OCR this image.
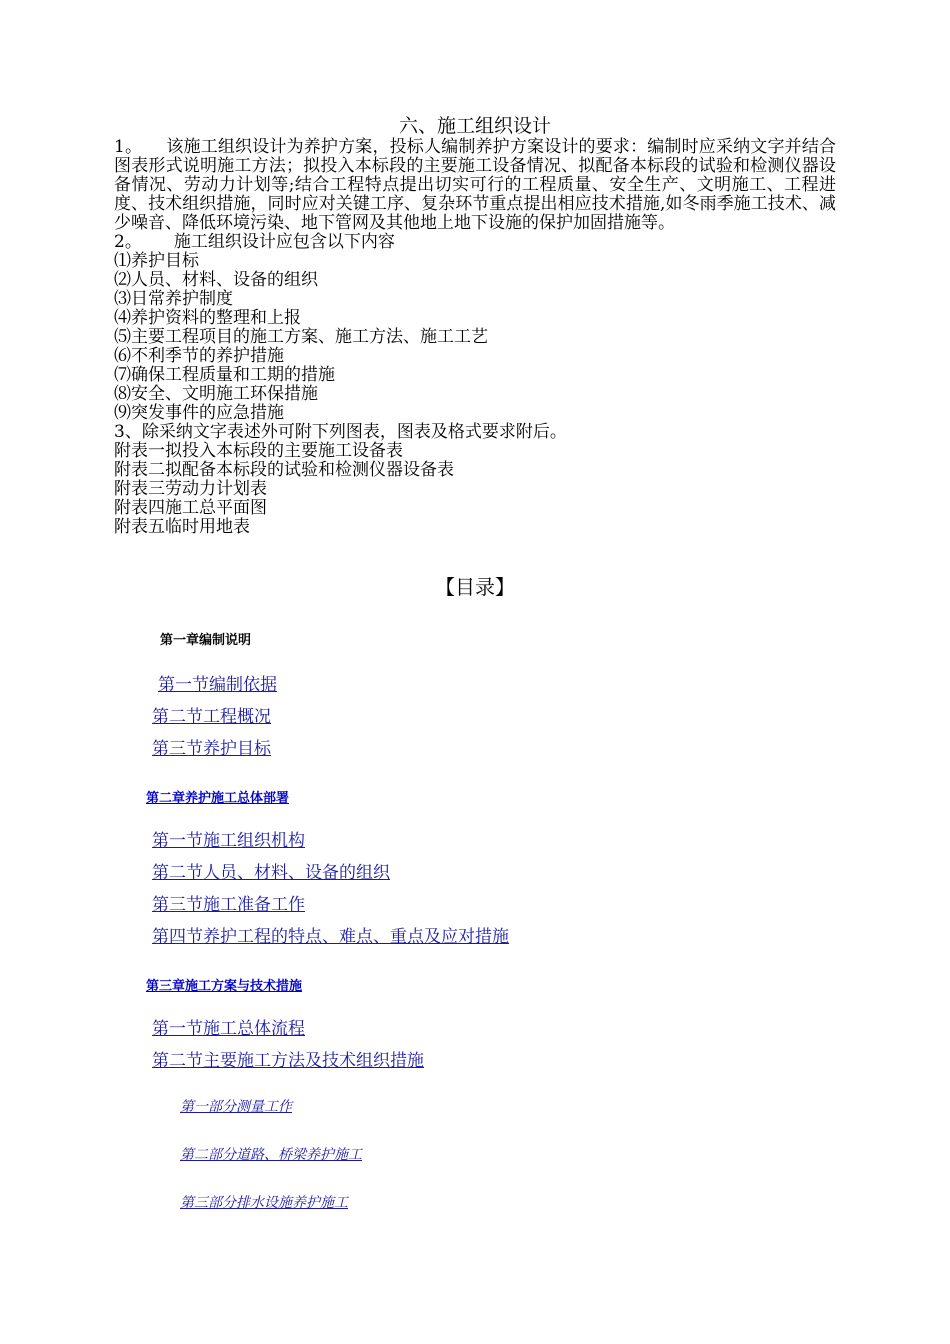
六、施工组织设计

1。 该施工组织设计为养护方案，投标人编制养护方案设计的要求：编制时应采纳文字并结合图表形式说明施工方法；拟投入本标段的主要施工设备情况、拟配备本标段的试验和检测仪器设备情况、劳动力计划等;结合工程特点提出切实可行的工程质量、安全生产、文明施工、工程进度、技术组织措施，同时应对关键工序、复杂环节重点提出相应技术措施,如冬雨季施工技术、减少噪音、降低环境污染、地下管网及其他地上地下设施的保护加固措施等。

2。 施工组织设计应包含以下内容

⑴养护目标

⑵人员、材料、设备的组织

⑶日常养护制度

⑷养护资料的整理和上报

⑸主要工程项目的施工方案、施工方法、施工工艺

⑹不利季节的养护措施

⑺确保工程质量和工期的措施

⑻安全、文明施工环保措施

⑼突发事件的应急措施

3、除采纳文字表述外可附下列图表，图表及格式要求附后。

附表一拟投入本标段的主要施工设备表

附表二拟配备本标段的试验和检测仪器设备表

附表三劳动力计划表

附表四施工总平面图

附表五临时用地表

【目录】
第一章编制说明
第一节编制依据
第二节工程概况
第三节养护目标
第二章养护施工总体部署
第一节施工组织机构
第二节人员、材料、设备的组织
第三节施工准备工作
第四节养护工程的特点、难点、重点及应对措施
第三章施工方案与技术措施
第一节施工总体流程
第二节主要施工方法及技术组织措施
第一部分测量工作
第二部分道路、桥梁养护施工
第三部分排水设施养护施工
